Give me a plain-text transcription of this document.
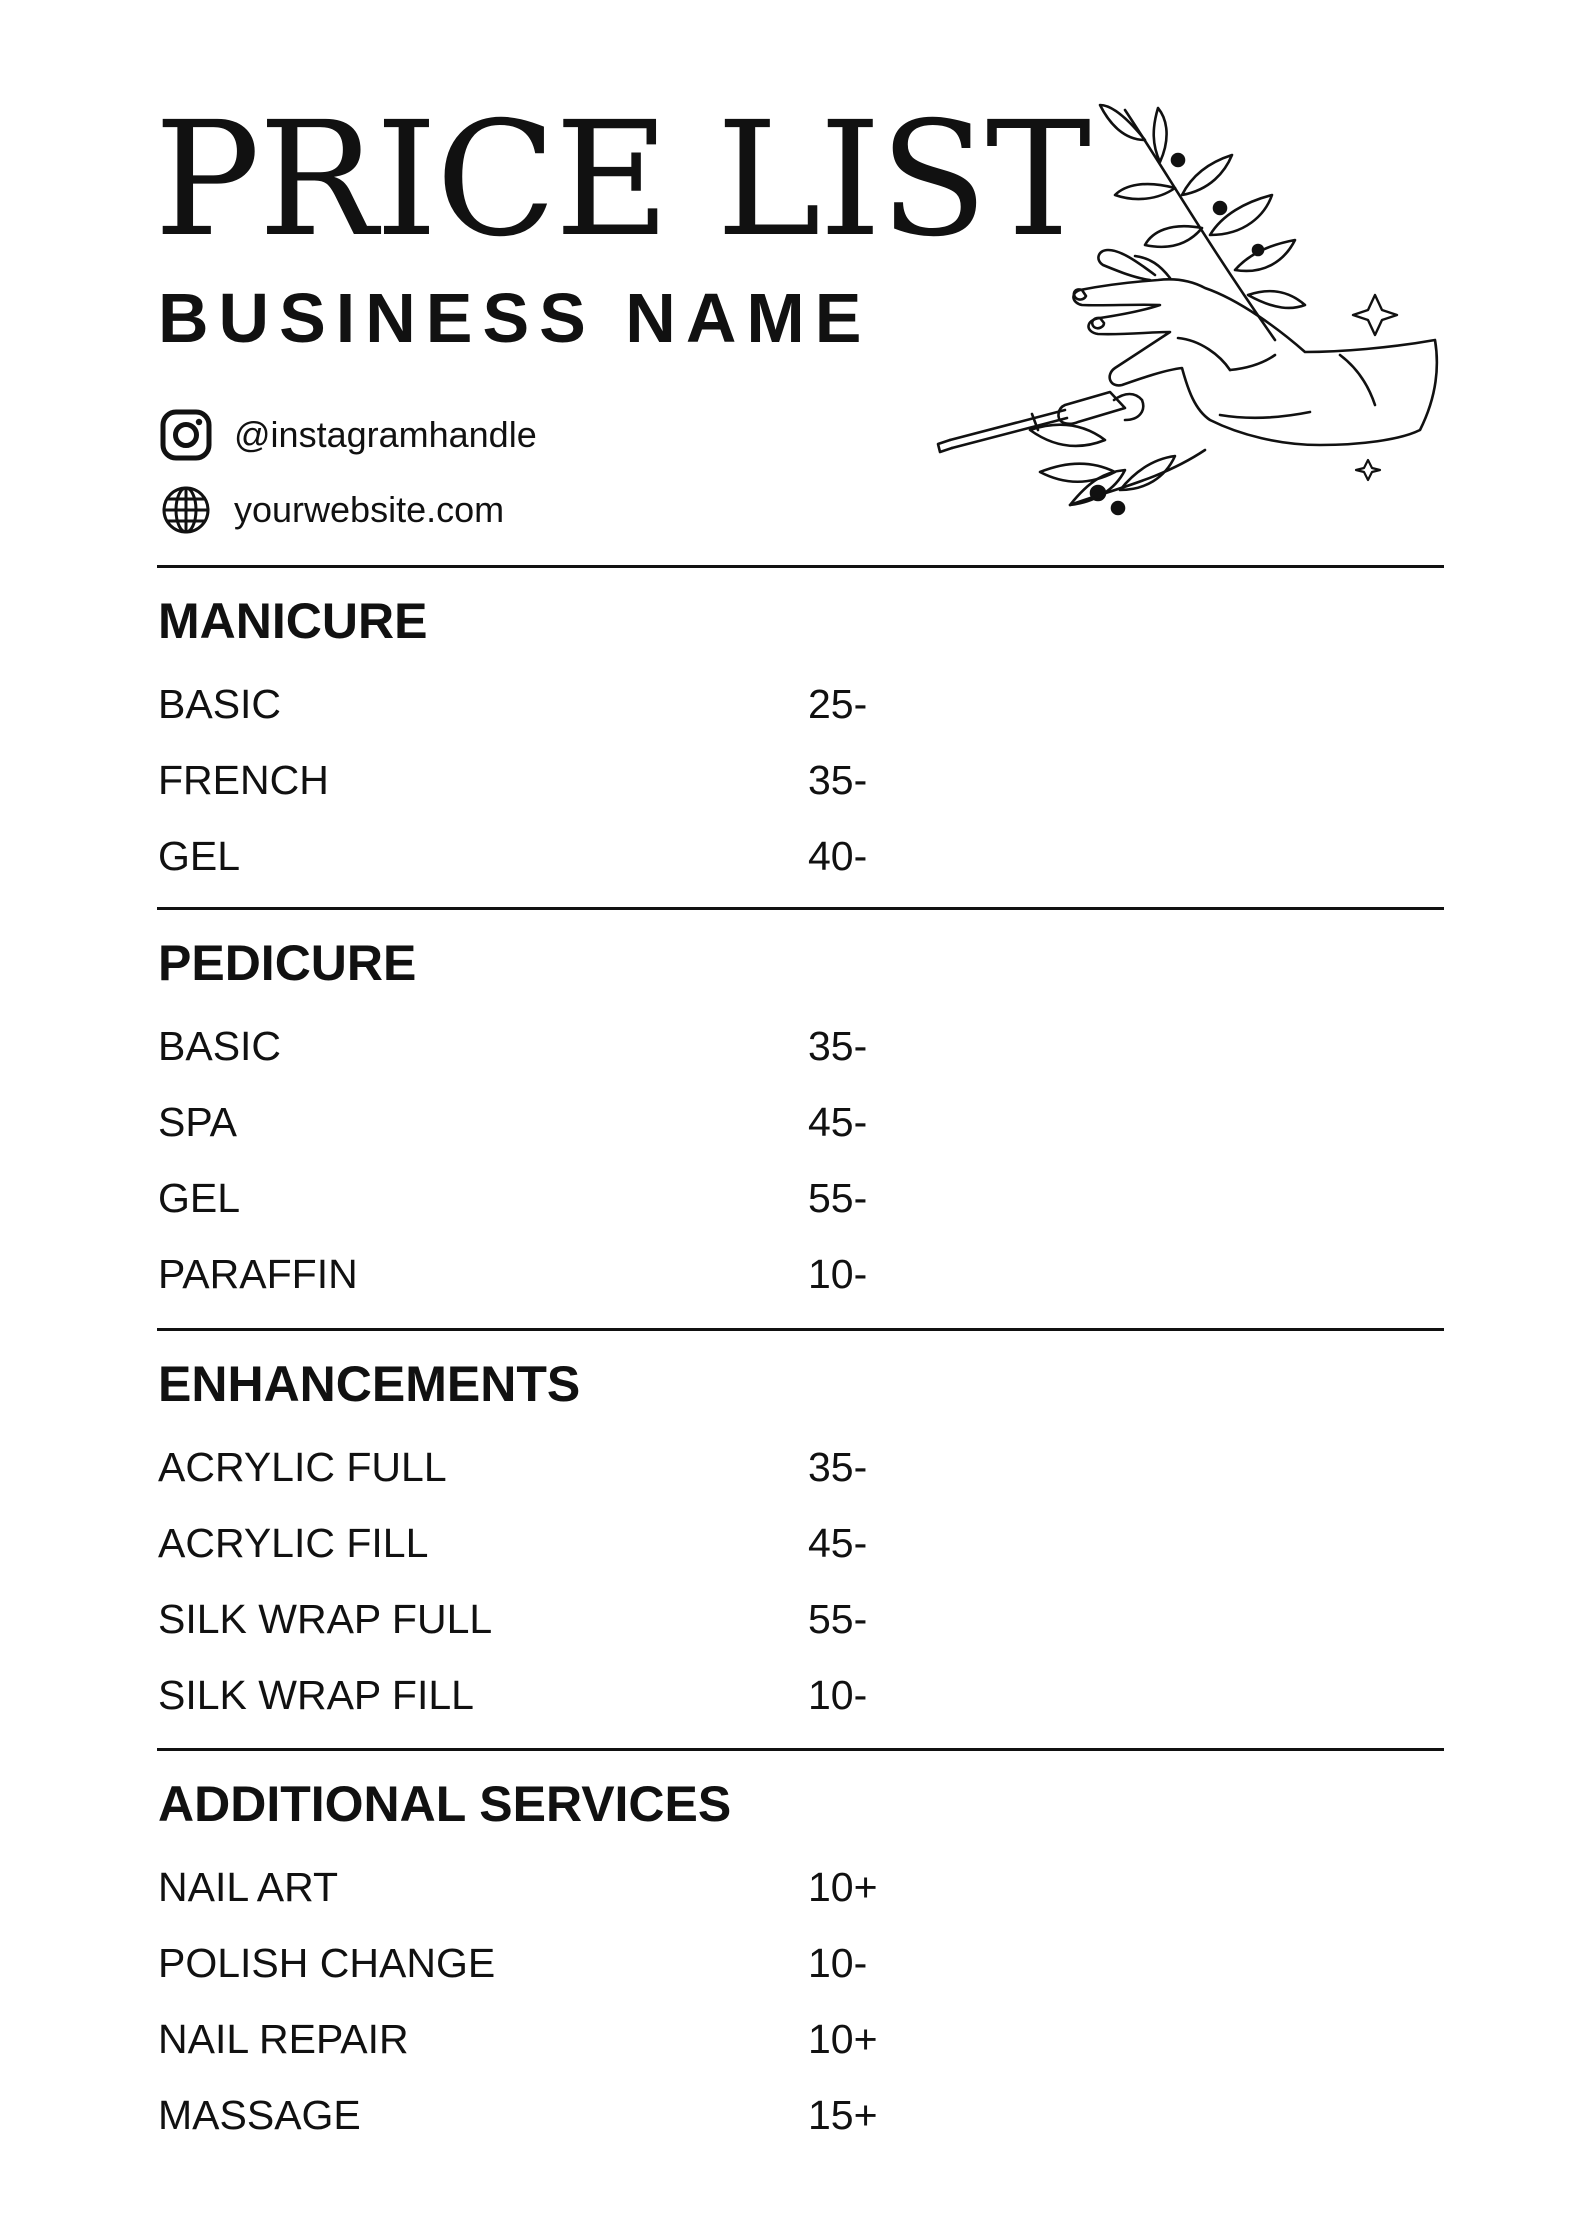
PRICE LIST
BUSINESS NAME
@instagramhandle
yourwebsite.com
MANICURE
BASIC	25-
FRENCH	35-
GEL	40-
PEDICURE
BASIC	35-
SPA	45-
GEL	55-
PARAFFIN	10-
ENHANCEMENTS
ACRYLIC FULL	35-
ACRYLIC FILL	45-
SILK WRAP FULL	55-
SILK WRAP FILL	10-
ADDITIONAL SERVICES
NAIL ART	10+
POLISH CHANGE	10-
NAIL REPAIR	10+
MASSAGE	15+
